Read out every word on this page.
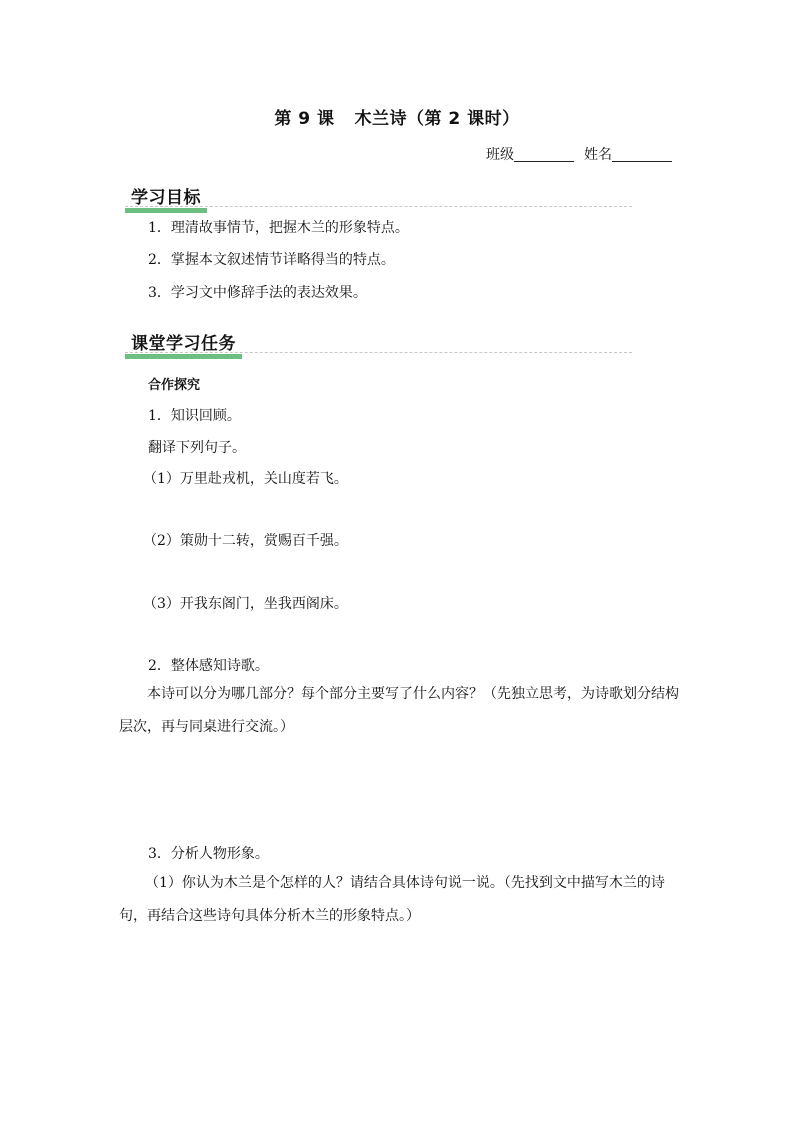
第 9 课 木兰诗（第 2 课时）
班级	姓名
学习目标
1．理清故事情节，把握木兰的形象特点。
2．掌握本文叙述情节详略得当的特点。
3．学习文中修辞手法的表达效果。
课堂学习任务
合作探究
1．知识回顾。
翻译下列句子。
（1）万里赴戎机，关山度若飞。
（2）策勋十二转，赏赐百千强。
（3）开我东阁门，坐我西阁床。
2．整体感知诗歌。
本诗可以分为哪几部分？每个部分主要写了什么内容？（先独立思考，为诗歌划分结构层次，再与同桌进行交流。）
3．分析人物形象。
（1）你认为木兰是个怎样的人？请结合具体诗句说一说。（先找到文中描写木兰的诗句，再结合这些诗句具体分析木兰的形象特点。）
